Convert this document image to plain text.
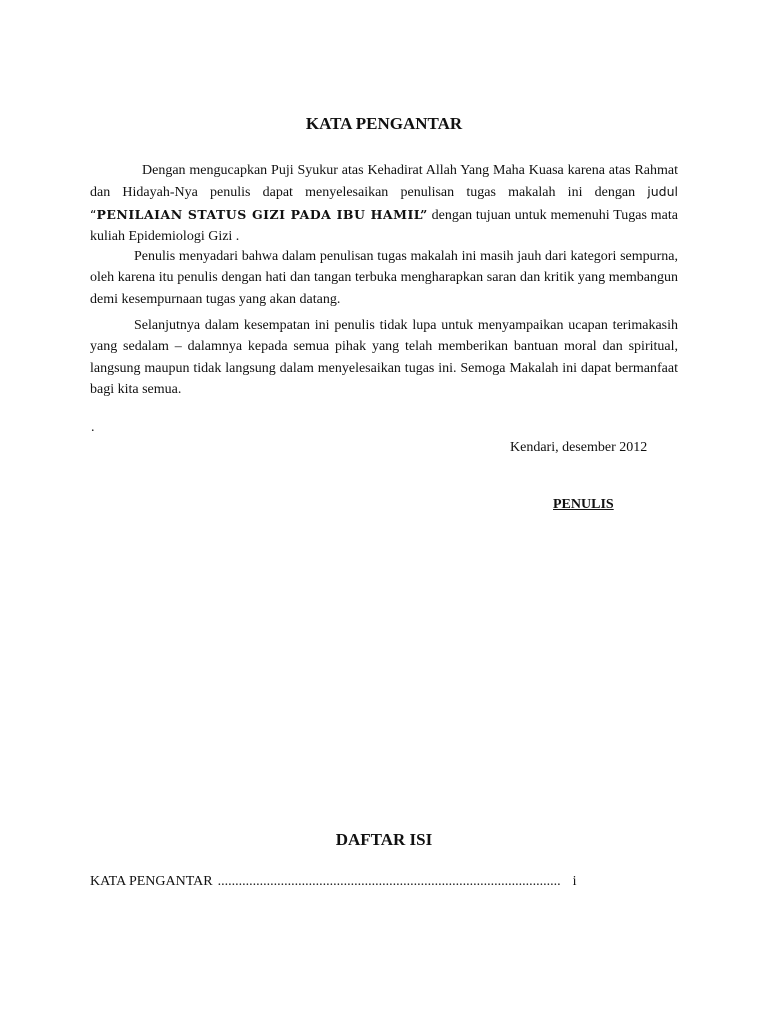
KATA PENGANTAR

Dengan mengucapkan Puji Syukur atas Kehadirat Allah Yang Maha Kuasa karena atas Rahmat dan Hidayah-Nya penulis dapat menyelesaikan penulisan tugas makalah ini dengan judul “PENILAIAN STATUS GIZI PADA IBU HAMIL” dengan tujuan untuk memenuhi Tugas mata kuliah Epidemiologi Gizi .

Penulis menyadari bahwa dalam penulisan tugas makalah ini masih jauh dari kategori sempurna, oleh karena itu penulis dengan hati dan tangan terbuka mengharapkan saran dan kritik yang membangun demi kesempurnaan tugas yang akan datang.

Selanjutnya dalam kesempatan ini penulis tidak lupa untuk menyampaikan ucapan terimakasih yang sedalam – dalamnya kepada semua pihak yang telah memberikan bantuan moral dan spiritual, langsung maupun tidak langsung dalam menyelesaikan tugas ini. Semoga Makalah ini dapat bermanfaat bagi kita semua.

.
Kendari, desember 2012
PENULIS
DAFTAR ISI
KATA PENGANTAR .................................................................................................. i
